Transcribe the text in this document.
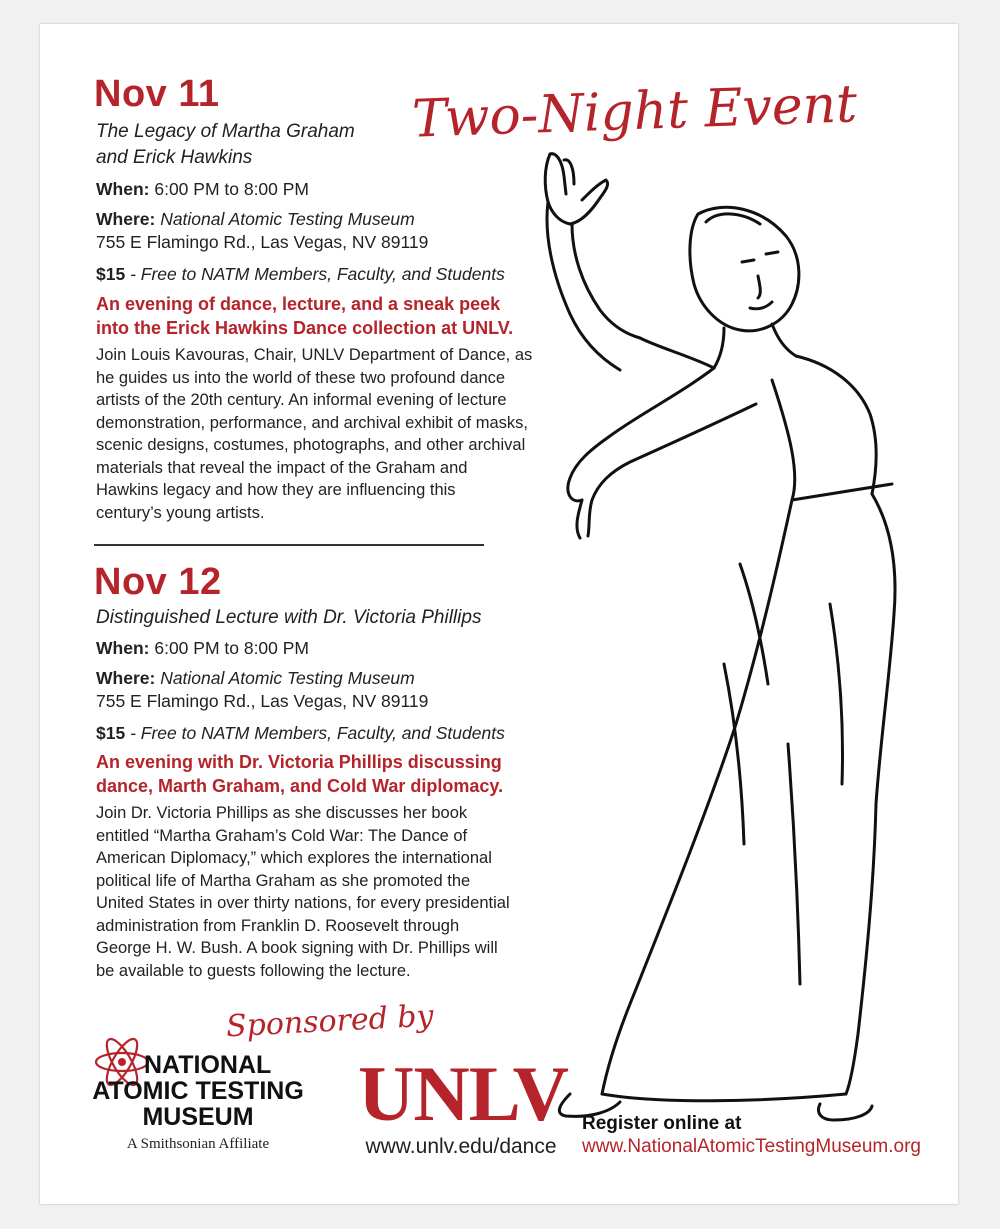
Nov 11
The Legacy of Martha Graham
and Erick Hawkins
When: 6:00 PM to 8:00 PM
Where: National Atomic Testing Museum
755 E Flamingo Rd., Las Vegas, NV 89119
$15 - Free to NATM Members, Faculty, and Students
An evening of dance, lecture, and a sneak peek
into the Erick Hawkins Dance collection at UNLV.
Join Louis Kavouras, Chair, UNLV Department of Dance, as
he guides us into the world of these two profound dance
artists of the 20th century. An informal evening of lecture
demonstration, performance, and archival exhibit of masks,
scenic designs, costumes, photographs, and other archival
materials that reveal the impact of the Graham and
Hawkins legacy and how they are influencing this
century’s young artists.
Nov 12
Distinguished Lecture with Dr. Victoria Phillips
When: 6:00 PM to 8:00 PM
Where: National Atomic Testing Museum
755 E Flamingo Rd., Las Vegas, NV 89119
$15 - Free to NATM Members, Faculty, and Students
An evening with Dr. Victoria Phillips discussing
dance, Marth Graham, and Cold War diplomacy.
Join Dr. Victoria Phillips as she discusses her book
entitled “Martha Graham’s Cold War: The Dance of
American Diplomacy,” which explores the international
political life of Martha Graham as she promoted the
United States in over thirty nations, for every presidential
administration from Franklin D. Roosevelt through
George H. W. Bush. A book signing with Dr. Phillips will
be available to guests following the lecture.
Two-Night Event
Sponsored by
NATIONAL
ATOMIC TESTING
MUSEUM
A Smithsonian Affiliate
UNLV
www.unlv.edu/dance
Register online at
www.NationalAtomicTestingMuseum.org
